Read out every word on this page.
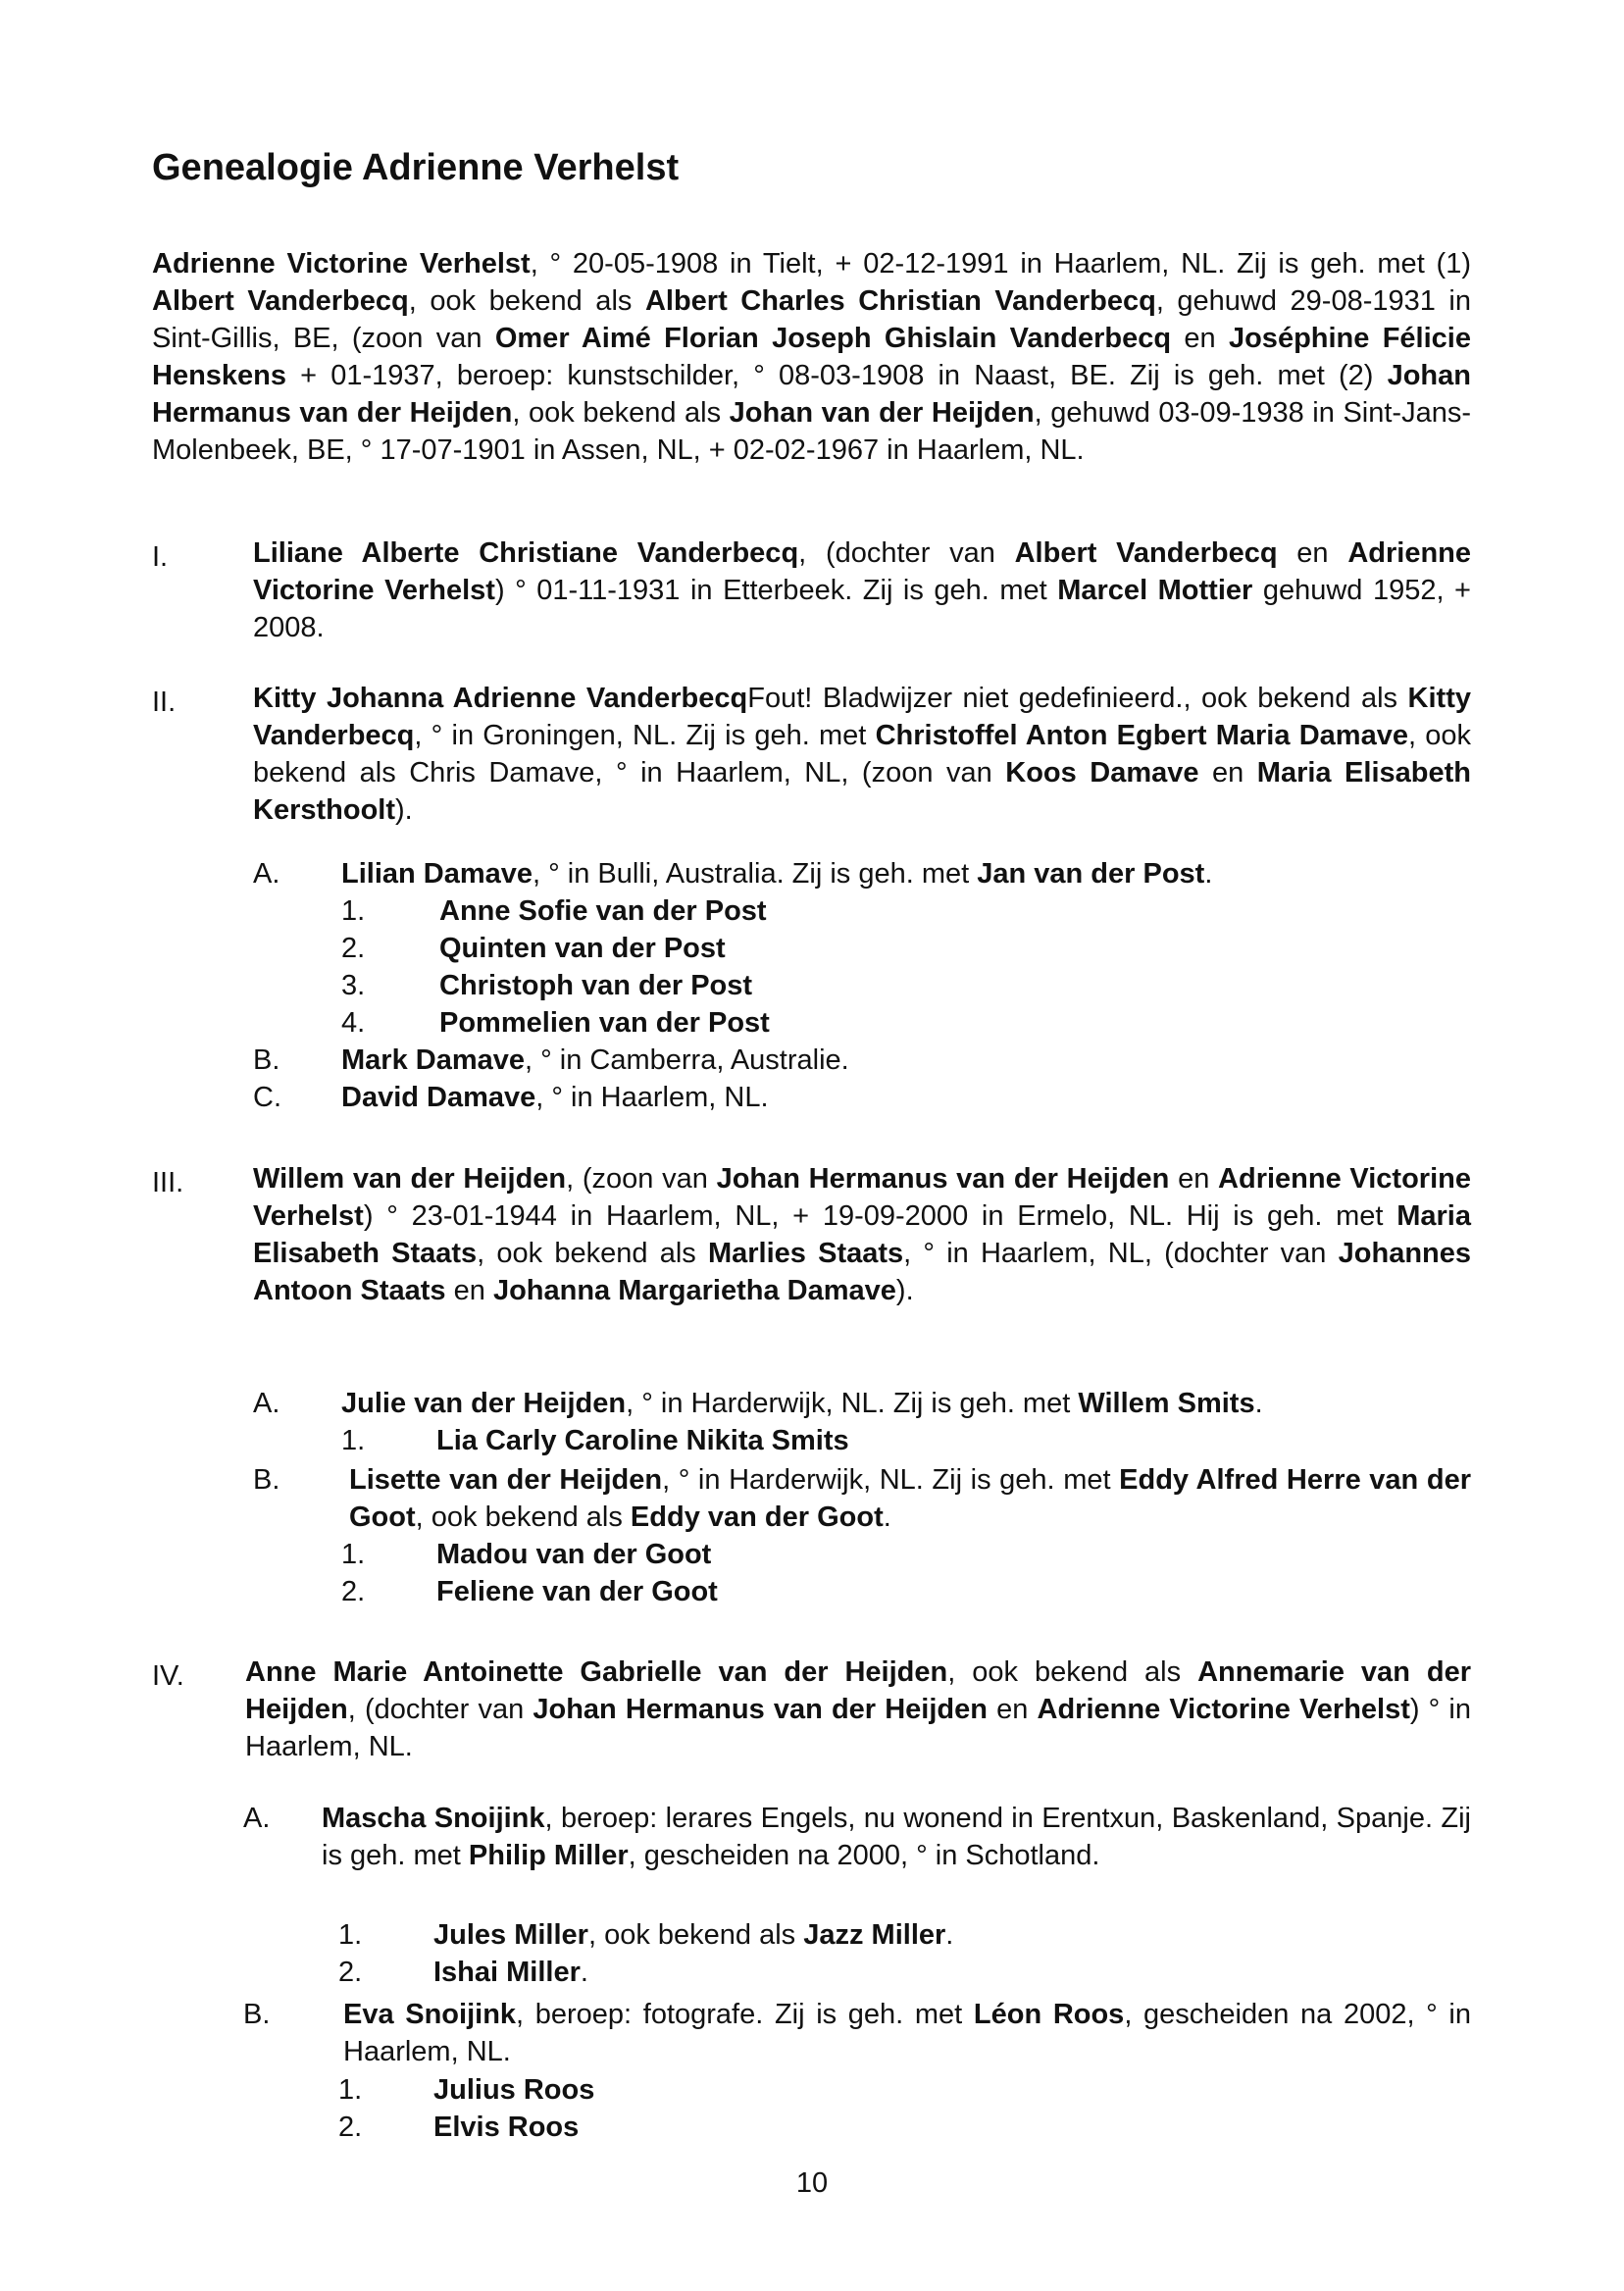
Genealogie Adrienne Verhelst

Adrienne Victorine Verhelst, ° 20-05-1908 in Tielt, + 02-12-1991 in Haarlem, NL. Zij is geh. met (1) Albert Vanderbecq, ook bekend als Albert Charles Christian Vanderbecq, gehuwd 29-08-1931 in Sint-Gillis, BE, (zoon van Omer Aimé Florian Joseph Ghislain Vanderbecq en Joséphine Félicie Henskens + 01-1937, beroep: kunstschilder, ° 08-03-1908 in Naast, BE. Zij is geh. met (2) Johan Hermanus van der Heijden, ook bekend als Johan van der Heijden, gehuwd 03-09-1938 in Sint-Jans-Molenbeek, BE, ° 17-07-1901 in Assen, NL, + 02-02-1967 in Haarlem, NL.

I.	Liliane Alberte Christiane Vanderbecq, (dochter van Albert Vanderbecq en Adrienne Victorine Verhelst) ° 01-11-1931 in Etterbeek. Zij is geh. met Marcel Mottier gehuwd 1952, + 2008.
II.	Kitty Johanna Adrienne VanderbecqFout! Bladwijzer niet gedefinieerd., ook bekend als Kitty Vanderbecq, ° in Groningen, NL. Zij is geh. met Christoffel Anton Egbert Maria Damave, ook bekend als Chris Damave, ° in Haarlem, NL, (zoon van Koos Damave en Maria Elisabeth Kersthoolt).
A. Lilian Damave, ° in Bulli, Australia. Zij is geh. met Jan van der Post.
1.	Anne Sofie van der Post
2.	Quinten van der Post
3.	Christoph van der Post
4.	Pommelien van der Post
B. Mark Damave, ° in Camberra, Australie.
C. David Damave, ° in Haarlem, NL.
III. Willem van der Heijden, (zoon van Johan Hermanus van der Heijden en Adrienne Victorine Verhelst) ° 23-01-1944 in Haarlem, NL, + 19-09-2000 in Ermelo, NL. Hij is geh. met Maria Elisabeth Staats, ook bekend als Marlies Staats, ° in Haarlem, NL, (dochter van Johannes Antoon Staats en Johanna Margarietha Damave).
A. Julie van der Heijden, ° in Harderwijk, NL. Zij is geh. met Willem Smits.
1.	Lia Carly Caroline Nikita Smits
B. Lisette van der Heijden, ° in Harderwijk, NL. Zij is geh. met Eddy Alfred Herre van der Goot, ook bekend als Eddy van der Goot.
1.	Madou van der Goot
2.	Feliene van der Goot
IV. Anne Marie Antoinette Gabrielle van der Heijden, ook bekend als Annemarie van der Heijden, (dochter van Johan Hermanus van der Heijden en Adrienne Victorine Verhelst) ° in Haarlem, NL.
A. Mascha Snoijink, beroep: lerares Engels, nu wonend in Erentxun, Baskenland, Spanje. Zij is geh. met Philip Miller, gescheiden na 2000, ° in Schotland.
1.	Jules Miller, ook bekend als Jazz Miller.
2.	Ishai Miller.
B.	Eva Snoijink, beroep: fotografe. Zij is geh. met Léon Roos, gescheiden na 2002, ° in Haarlem, NL.
1.	Julius Roos
2.	Elvis Roos
10
